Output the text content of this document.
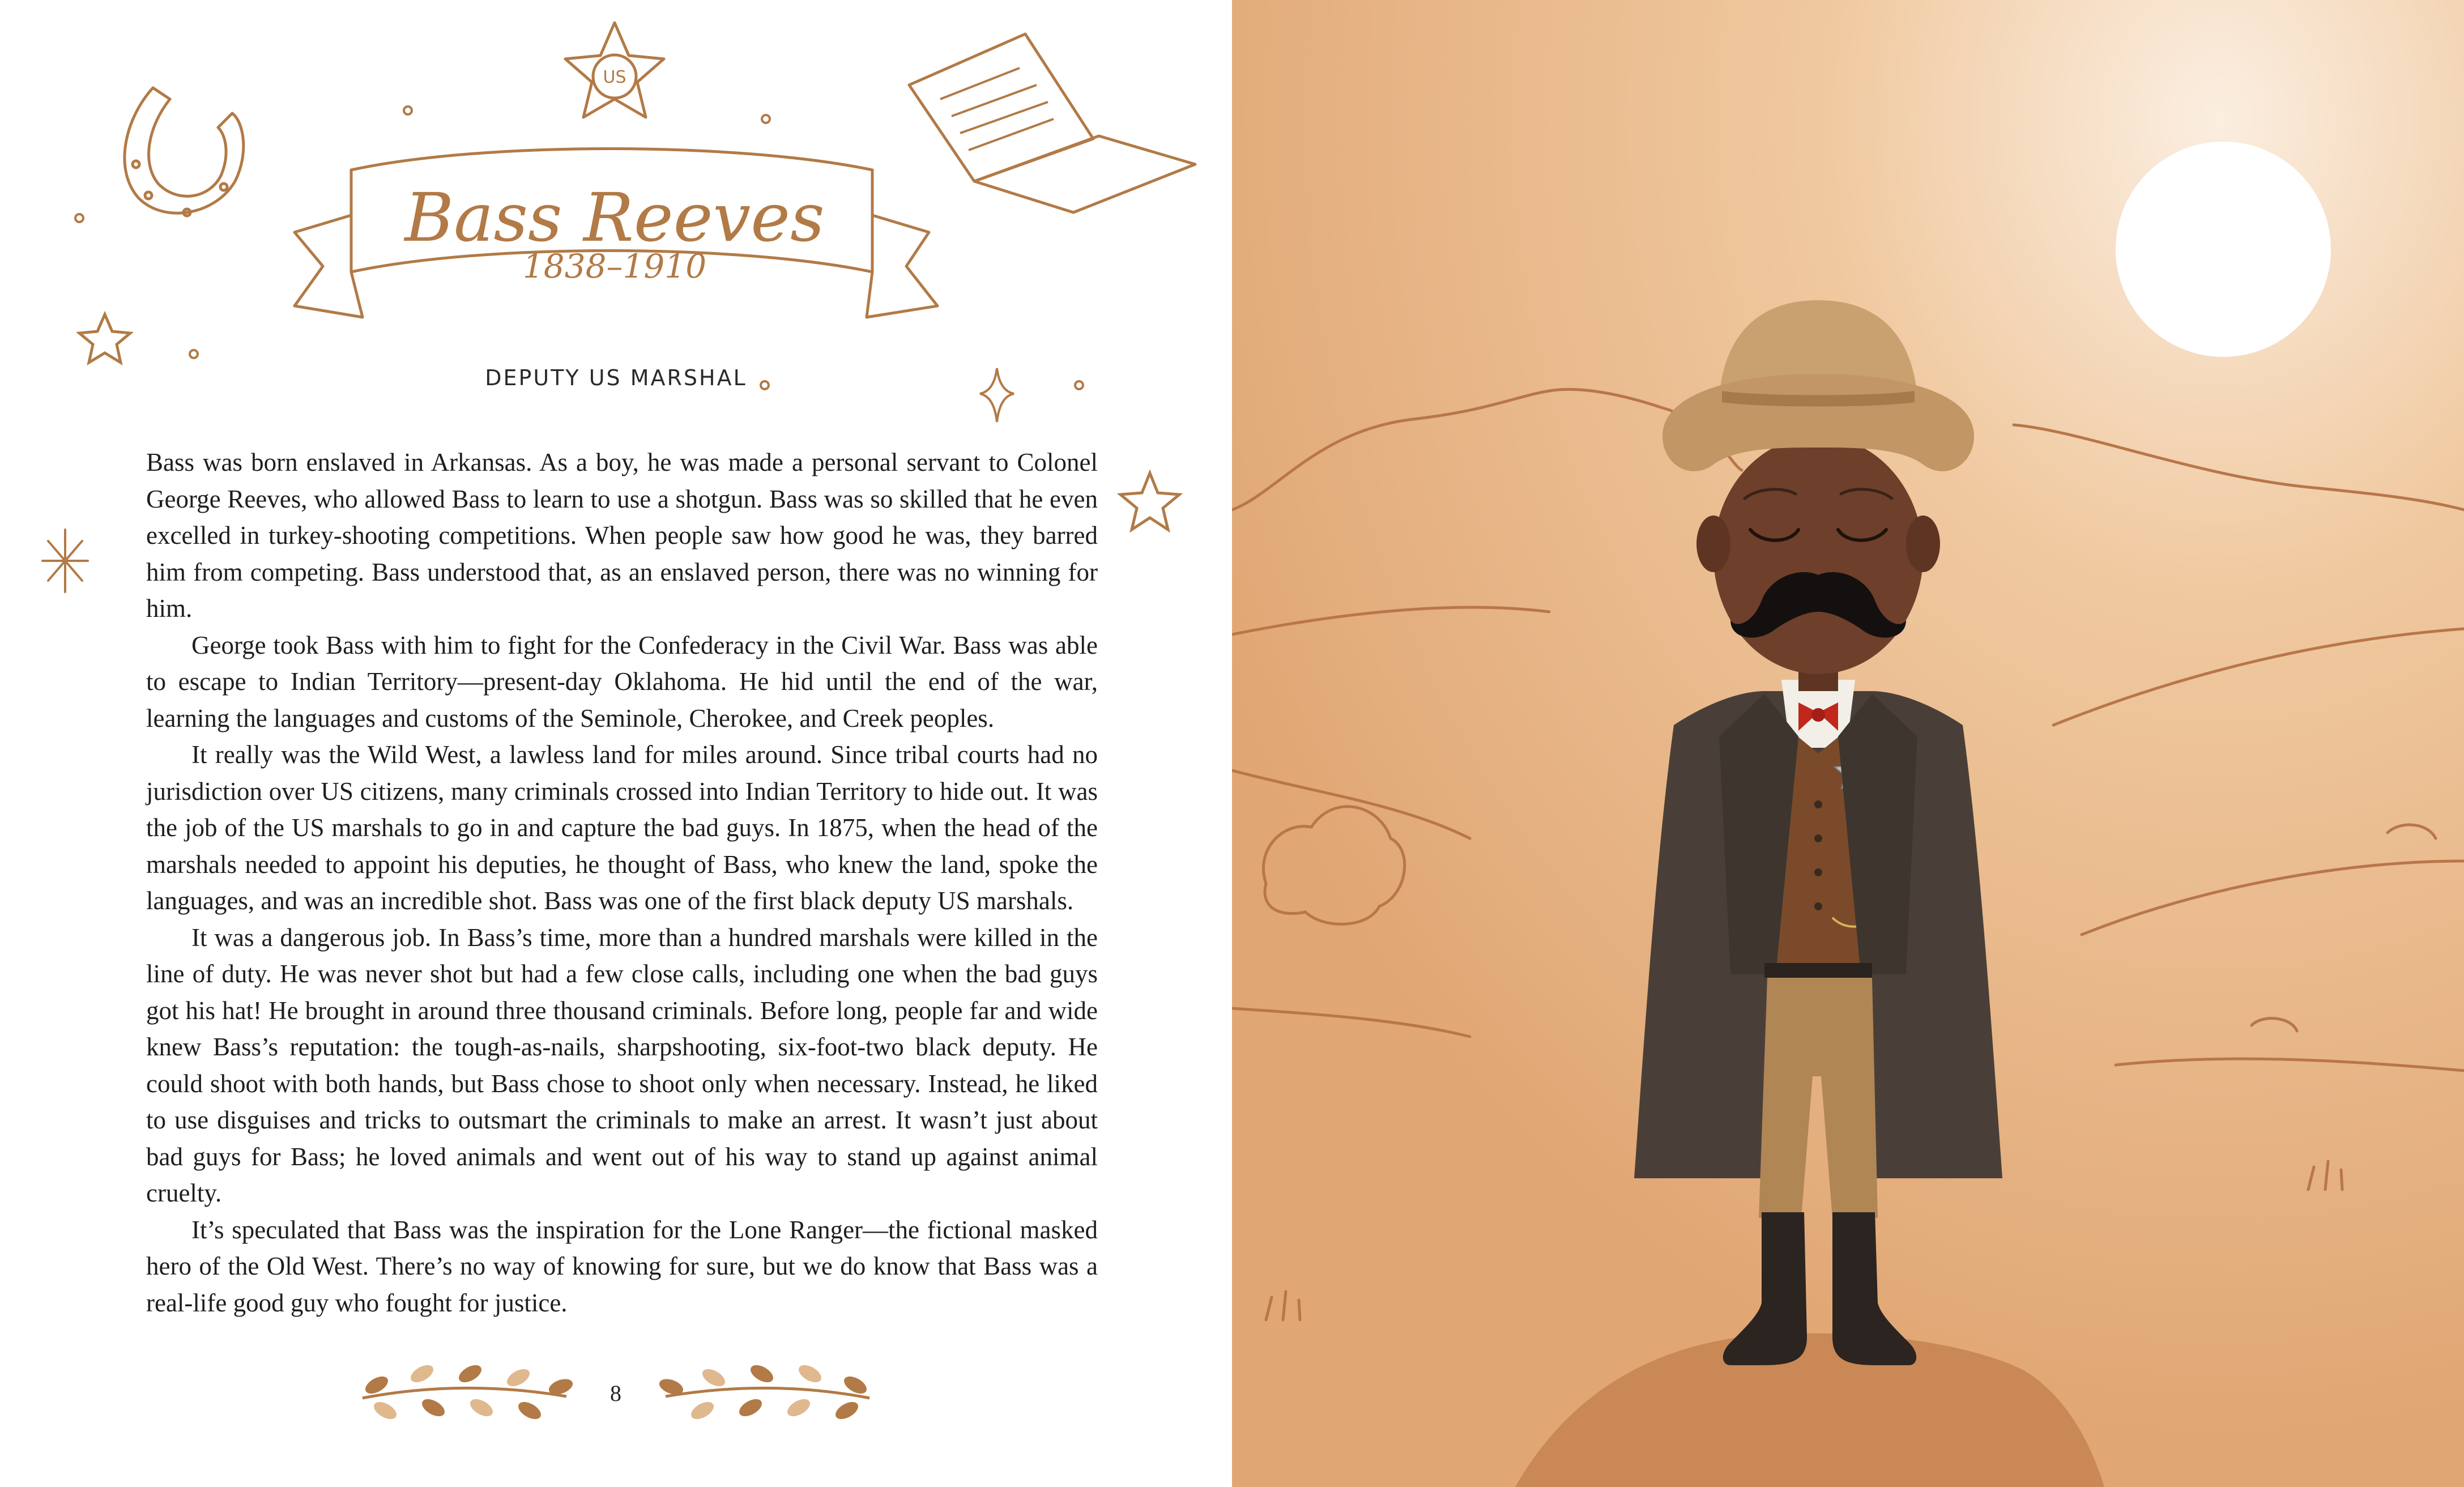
US
Bass Reeves
1838–1910
DEPUTY US MARSHAL

Bass was born enslaved in Arkansas. As a boy, he was made a personal servant to Colonel George Reeves, who allowed Bass to learn to use a shotgun. Bass was so skilled that he even excelled in turkey-shooting competitions. When people saw how good he was, they barred him from competing. Bass understood that, as an enslaved person, there was no winning for him.

George took Bass with him to fight for the Confederacy in the Civil War. Bass was able to escape to Indian Territory—present-day Oklahoma. He hid until the end of the war, learning the languages and customs of the Seminole, Cherokee, and Creek peoples.

It really was the Wild West, a lawless land for miles around. Since tribal courts had no jurisdiction over US citizens, many criminals crossed into Indian Territory to hide out. It was the job of the US marshals to go in and capture the bad guys. In 1875, when the head of the marshals needed to appoint his deputies, he thought of Bass, who knew the land, spoke the languages, and was an incredible shot. Bass was one of the first black deputy US marshals.

It was a dangerous job. In Bass’s time, more than a hundred marshals were killed in the line of duty. He was never shot but had a few close calls, including one when the bad guys got his hat! He brought in around three thousand criminals. Before long, people far and wide knew Bass’s reputation: the tough-as-nails, sharpshooting, six-foot-two black deputy. He could shoot with both hands, but Bass chose to shoot only when necessary. Instead, he liked to use disguises and tricks to outsmart the criminals to make an arrest. It wasn’t just about bad guys for Bass; he loved animals and went out of his way to stand up against animal cruelty.

It’s speculated that Bass was the inspiration for the Lone Ranger—the fictional masked hero of the Old West. There’s no way of knowing for sure, but we do know that Bass was a real-life good guy who fought for justice.

8
